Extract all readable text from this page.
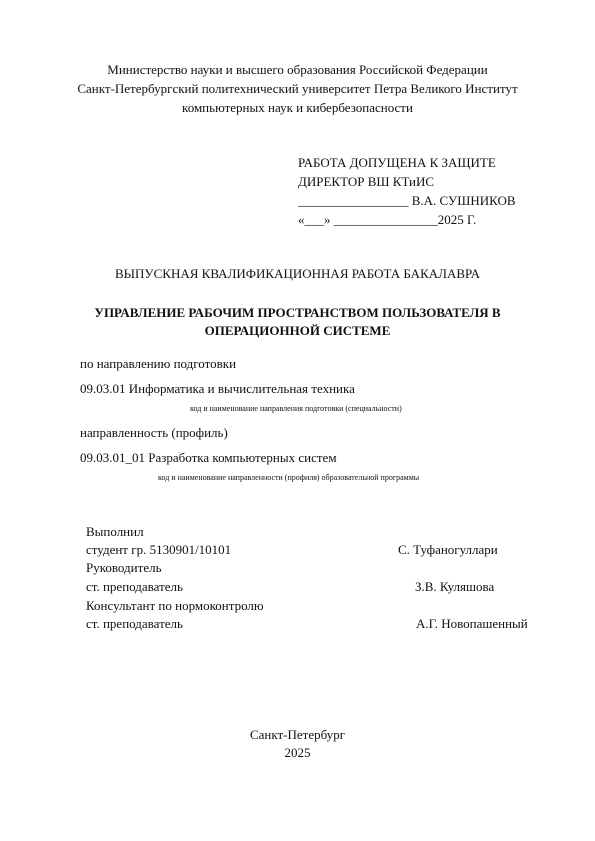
Министерство науки и высшего образования Российской Федерации
Санкт-Петербургский политехнический университет Петра Великого Институт
компьютерных наук и кибербезопасности
РАБОТА ДОПУЩЕНА К ЗАЩИТЕ
ДИРЕКТОР ВШ КТиИС
_________________ В.А. СУШНИКОВ
«___» ________________2025 Г.
ВЫПУСКНАЯ КВАЛИФИКАЦИОННАЯ РАБОТА БАКАЛАВРА
УПРАВЛЕНИЕ РАБОЧИМ ПРОСТРАНСТВОМ ПОЛЬЗОВАТЕЛЯ В
ОПЕРАЦИОННОЙ СИСТЕМЕ
по направлению подготовки
09.03.01 Информатика и вычислительная техника
код и наименование направления подготовки (специальности)
направленность (профиль)
09.03.01_01 Разработка компьютерных систем
код и наименование направленности (профиля) образовательной программы
Выполнил
студент гр. 5130901/10101	С. Туфаногуллари
Руководитель
ст. преподаватель	З.В. Куляшова
Консультант по нормоконтролю
ст. преподаватель	А.Г. Новопашенный
Санкт-Петербург
2025
